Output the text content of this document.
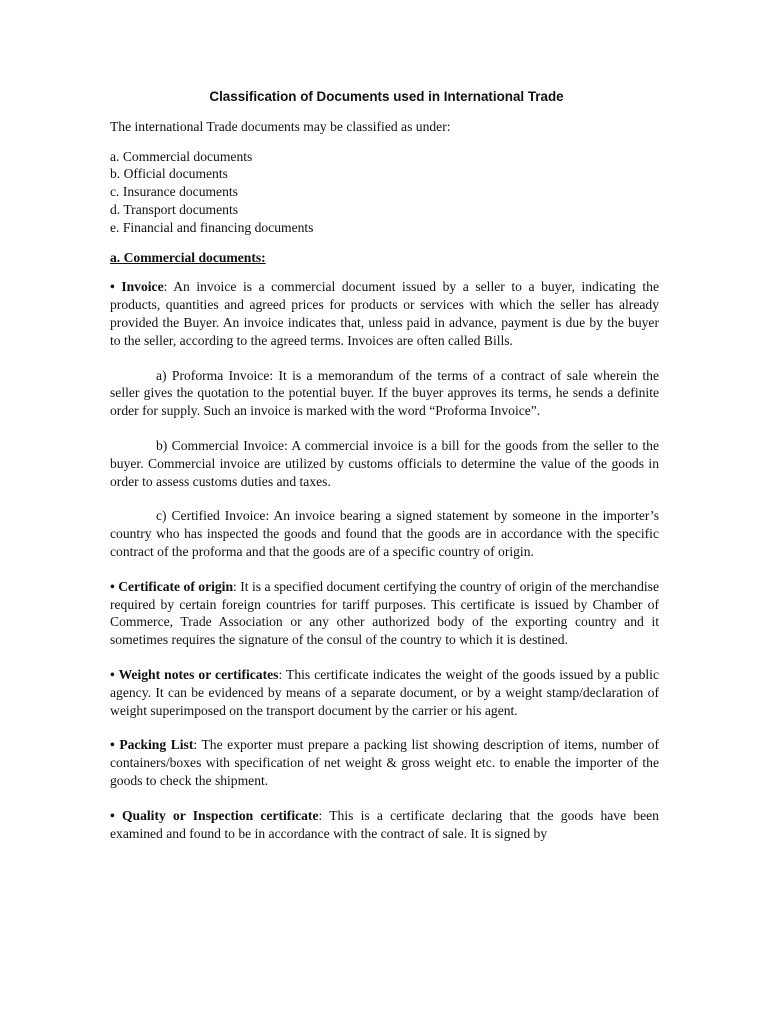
Classification of Documents used in International Trade
The international Trade documents may be classified as under:
a. Commercial documents
b. Official documents
c. Insurance documents
d. Transport documents
e. Financial and financing documents
a. Commercial documents:
• Invoice: An invoice is a commercial document issued by a seller to a buyer, indicating the products, quantities and agreed prices for products or services with which the seller has already provided the Buyer. An invoice indicates that, unless paid in advance, payment is due by the buyer to the seller, according to the agreed terms. Invoices are often called Bills.
a) Proforma Invoice: It is a memorandum of the terms of a contract of sale wherein the seller gives the quotation to the potential buyer. If the buyer approves its terms, he sends a definite order for supply. Such an invoice is marked with the word “Proforma Invoice”.
b) Commercial Invoice: A commercial invoice is a bill for the goods from the seller to the buyer. Commercial invoice are utilized by customs officials to determine the value of the goods in order to assess customs duties and taxes.
c) Certified Invoice: An invoice bearing a signed statement by someone in the importer’s country who has inspected the goods and found that the goods are in accordance with the specific contract of the proforma and that the goods are of a specific country of origin.
• Certificate of origin: It is a specified document certifying the country of origin of the merchandise required by certain foreign countries for tariff purposes. This certificate is issued by Chamber of Commerce, Trade Association or any other authorized body of the exporting country and it sometimes requires the signature of the consul of the country to which it is destined.
• Weight notes or certificates: This certificate indicates the weight of the goods issued by a public agency. It can be evidenced by means of a separate document, or by a weight stamp/declaration of weight superimposed on the transport document by the carrier or his agent.
• Packing List: The exporter must prepare a packing list showing description of items, number of containers/boxes with specification of net weight & gross weight etc. to enable the importer of the goods to check the shipment.
• Quality or Inspection certificate: This is a certificate declaring that the goods have been examined and found to be in accordance with the contract of sale. It is signed by
